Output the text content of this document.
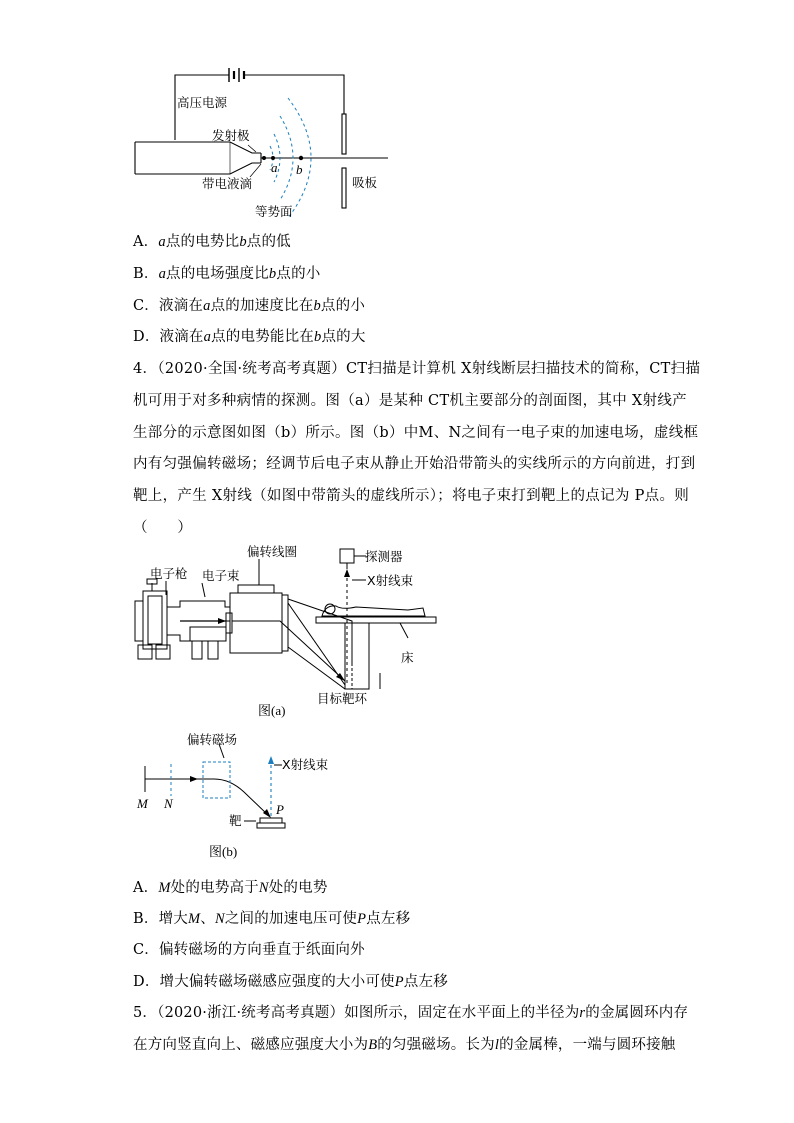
高压电源
发射极
带电液滴
a b
吸板
等势面
A．a点的电势比b点的低
B．a点的电场强度比b点的小
C．液滴在a点的加速度比在b点的小
D．液滴在a点的电势能比在b点的大

4．（2020·全国·统考高考真题）CT扫描是计算机 X射线断层扫描技术的简称，CT扫描

机可用于对多种病情的探测。图（a）是某种 CT机主要部分的剖面图，其中 X射线产

生部分的示意图如图（b）所示。图（b）中M、N之间有一电子束的加速电场，虚线框

内有匀强偏转磁场；经调节后电子束从静止开始沿带箭头的实线所示的方向前进，打到

靶上，产生 X射线（如图中带箭头的虚线所示）；将电子束打到靶上的点记为 P点。则

（　　）

探测器
X射线束
偏转线圈
电子枪 电子束
床
目标靶环
图(a)
偏转磁场
X射线束
M N	P
靶
图(b)
A．M处的电势高于N处的电势
B．增大M、N之间的加速电压可使P点左移
C．偏转磁场的方向垂直于纸面向外
D．增大偏转磁场磁感应强度的大小可使P点左移
5．（2020·浙江·统考高考真题）如图所示，固定在水平面上的半径为r的金属圆环内存
在方向竖直向上、磁感应强度大小为B的匀强磁场。长为l的金属棒，一端与圆环接触
